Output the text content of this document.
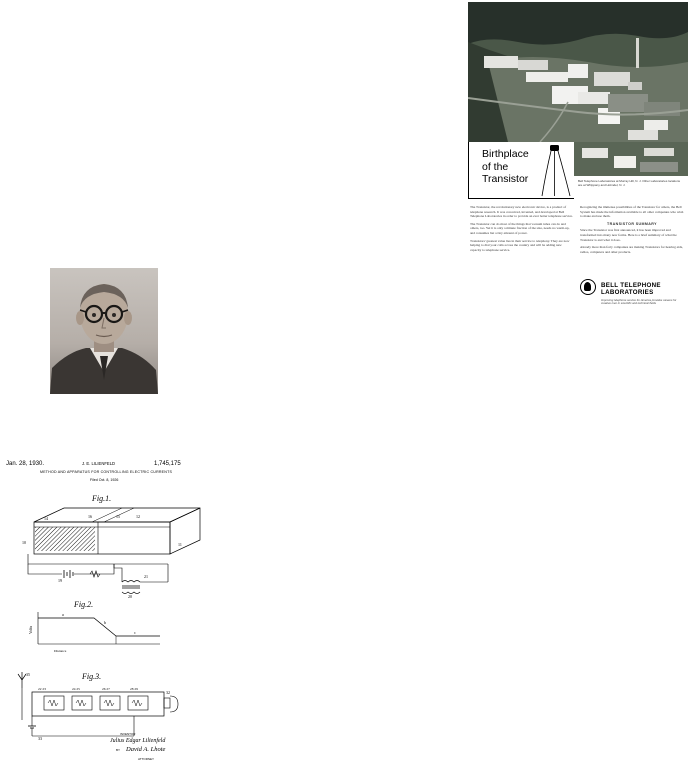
Birthplace
of the
Transistor	Bell Telephone Laboratories at Murray Hill, N. J. Other Laboratories locations are at Whippany and Holmdel, N. J.

The Transistor, the revolutionary new electronic device, is a product of telephone research. It was conceived, invented, and developed at Bell Telephone Laboratories in order to provide an ever better telephone service.

The Transistor can do most of the things that vacuum tubes can do and others, too. Yet it is only a minute fraction of the size, needs no warm-up, and consumes but a tiny amount of power.

Transistors' greatest value lies in their service to telephony. They are now helping to dial your calls across the country and will be adding new capacity to telephone service.

Recognizing the immense possibilities of the Transistor for others, the Bell System has made the information available to all other companies who wish to make and use them.

TRANSISTOR SUMMARY

Since the Transistor was first announced, it has been improved and transformed into many new forms. Here is a brief summary of what the Transistor is and what it does.

Already more than forty companies are making Transistors for hearing aids, radios, computers and other products.

BELL TELEPHONE
LABORATORIES
Improving telephone service for America provides careers for creative men in scientific and technical fields
Jan. 28, 1930.	J. E. LILIENFELD	1,745,175
METHOD AND APPARATUS FOR CONTROLLING ELECTRIC CURRENTS
Filed Oct. 8, 1926
Fig.1.
14	16	15	12
10	11
19
21
20
Fig.2.
Volts
Distance
a
b
c
Fig.3.
35
32
22 23	24 25	26 27	28 29
33
INVENTOR
Julius Edgar Lilienfeld
BY David A. Lhote
ATTORNEY
